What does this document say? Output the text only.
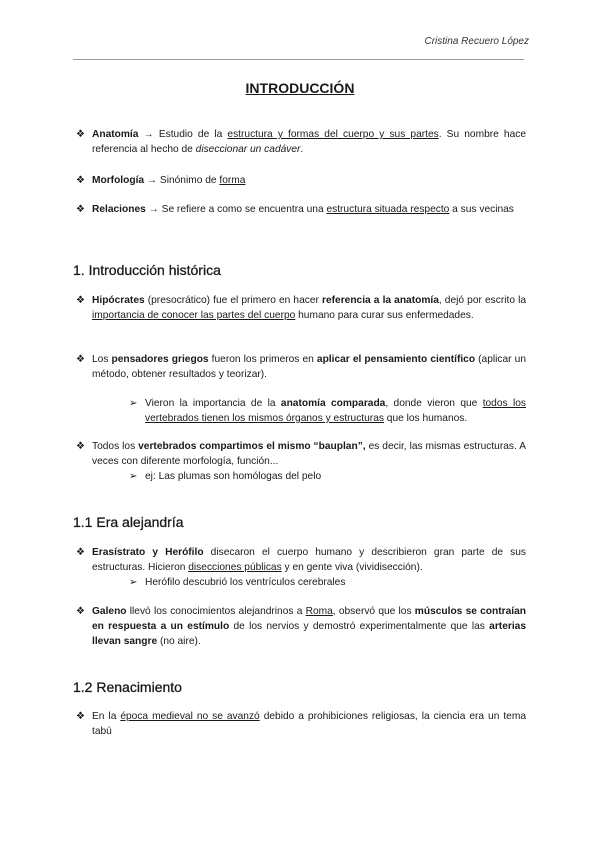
Cristina Recuero López
INTRODUCCIÓN
❖ Anatomía → Estudio de la estructura y formas del cuerpo y sus partes. Su nombre hace referencia al hecho de diseccionar un cadáver.
❖ Morfología → Sinónimo de forma
❖ Relaciones → Se refiere a como se encuentra una estructura situada respecto a sus vecinas
1. Introducción histórica
❖ Hipócrates (presocrático) fue el primero en hacer referencia a la anatomía, dejó por escrito la importancia de conocer las partes del cuerpo humano para curar sus enfermedades.
❖ Los pensadores griegos fueron los primeros en aplicar el pensamiento científico (aplicar un método, obtener resultados y teorizar).
➢ Vieron la importancia de la anatomía comparada, donde vieron que todos los vertebrados tienen los mismos órganos y estructuras que los humanos.
❖ Todos los vertebrados compartimos el mismo “bauplan”, es decir, las mismas estructuras. A veces con diferente morfología, función...
➢ ej: Las plumas son homólogas del pelo
1.1 Era alejandría
❖ Erasístrato y Herófilo disecaron el cuerpo humano y describieron gran parte de sus estructuras. Hicieron disecciones públicas y en gente viva (vividisección).
➢ Herófilo descubrió los ventrículos cerebrales
❖ Galeno llevó los conocimientos alejandrinos a Roma, observó que los músculos se contraían en respuesta a un estímulo de los nervios y demostró experimentalmente que las arterias llevan sangre (no aire).
1.2 Renacimiento
❖ En la época medieval no se avanzó debido a prohibiciones religiosas, la ciencia era un tema tabú
